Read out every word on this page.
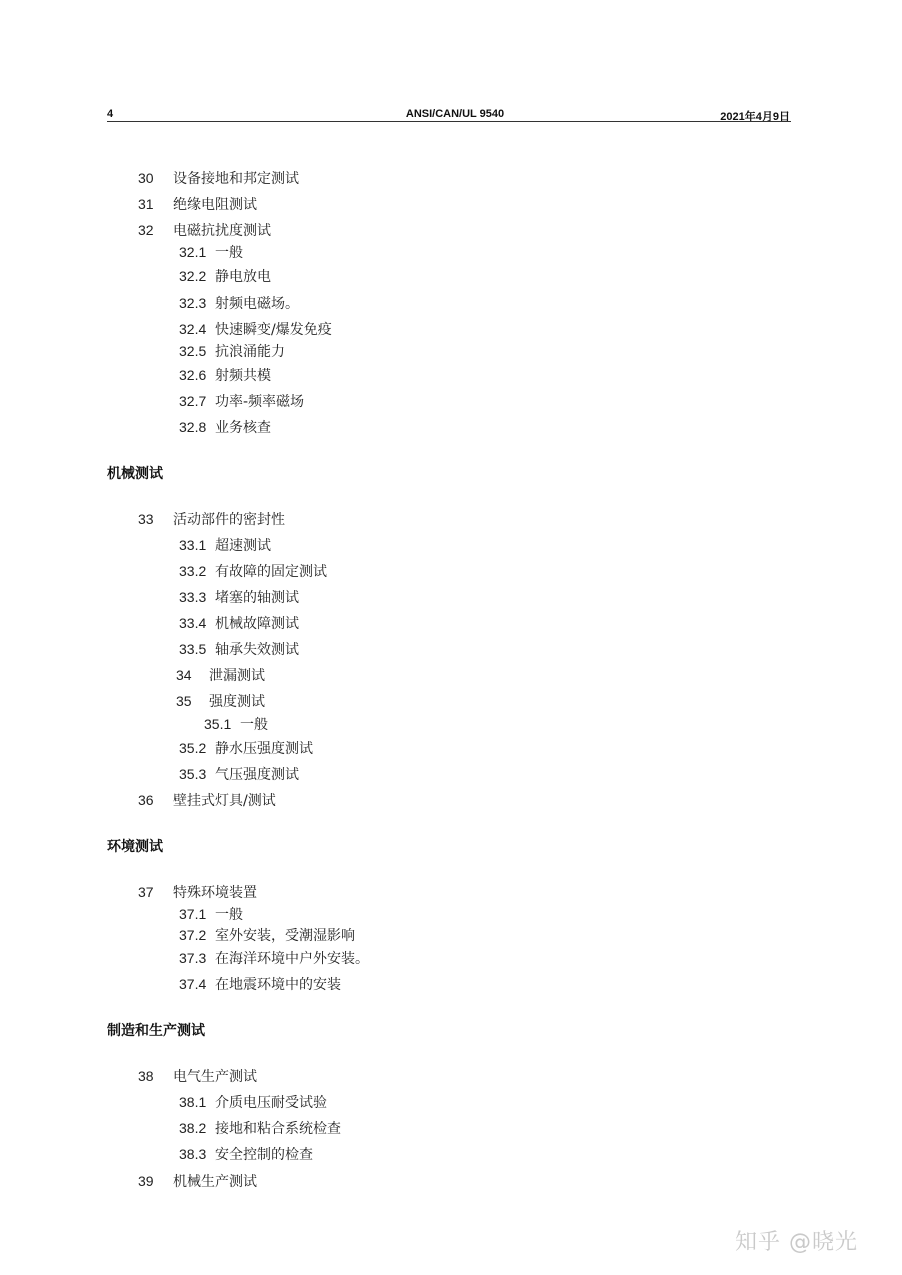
4	ANSI/CAN/UL 9540	2021年4月9日
30 设备接地和邦定测试
31 绝缘电阻测试
32 电磁抗扰度测试
32.1 一般
32.2 静电放电
32.3 射频电磁场。
32.4 快速瞬变/爆发免疫
32.5 抗浪涌能力
32.6 射频共模
32.7 功率-频率磁场
32.8 业务核查
机械测试
33 活动部件的密封性
33.1 超速测试
33.2 有故障的固定测试
33.3 堵塞的轴测试
33.4 机械故障测试
33.5 轴承失效测试
34 泄漏测试
35 强度测试
35.1 一般
35.2 静水压强度测试
35.3 气压强度测试
36 壁挂式灯具/测试
环境测试
37 特殊环境装置
37.1 一般
37.2 室外安装，受潮湿影响
37.3 在海洋环境中户外安装。
37.4 在地震环境中的安装
制造和生产测试
38 电气生产测试
38.1 介质电压耐受试验
38.2 接地和粘合系统检查
38.3 安全控制的检查
39 机械生产测试
知乎 @晓光
